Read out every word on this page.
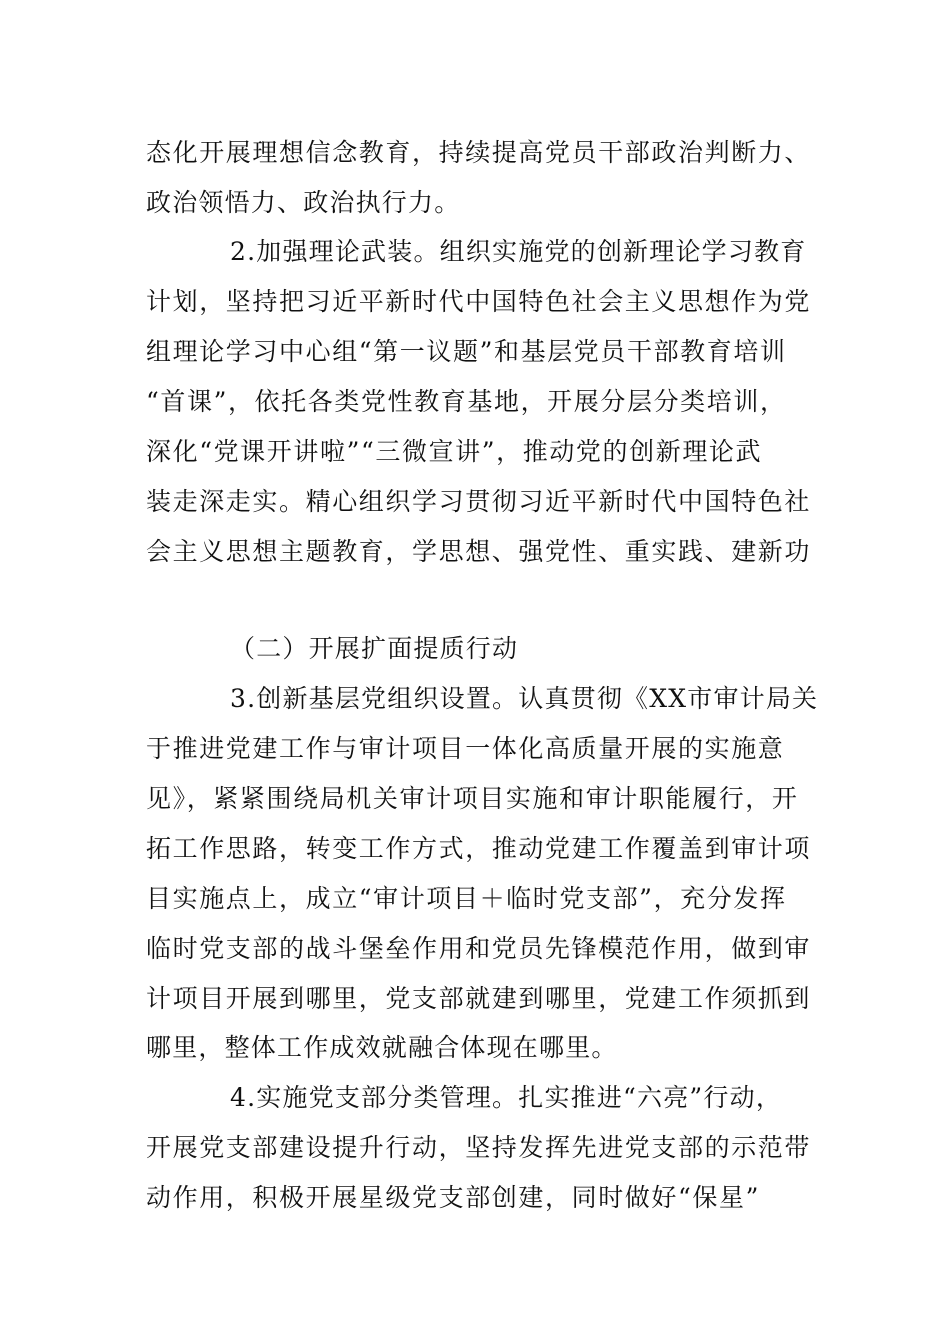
态化开展理想信念教育，持续提高党员干部政治判断力、
政治领悟力、政治执行力。
2.加强理论武装。组织实施党的创新理论学习教育
计划，坚持把习近平新时代中国特色社会主义思想作为党
组理论学习中心组“第一议题”和基层党员干部教育培训
“首课”，依托各类党性教育基地，开展分层分类培训，
深化“党课开讲啦”“三微宣讲”，推动党的创新理论武
装走深走实。精心组织学习贯彻习近平新时代中国特色社
会主义思想主题教育，学思想、强党性、重实践、建新功
（二）开展扩面提质行动
3.创新基层党组织设置。认真贯彻《XX市审计局关
于推进党建工作与审计项目一体化高质量开展的实施意
见》，紧紧围绕局机关审计项目实施和审计职能履行，开
拓工作思路，转变工作方式，推动党建工作覆盖到审计项
目实施点上，成立“审计项目＋临时党支部”，充分发挥
临时党支部的战斗堡垒作用和党员先锋模范作用，做到审
计项目开展到哪里，党支部就建到哪里，党建工作须抓到
哪里，整体工作成效就融合体现在哪里。
4.实施党支部分类管理。扎实推进“六亮”行动，
开展党支部建设提升行动，坚持发挥先进党支部的示范带
动作用，积极开展星级党支部创建，同时做好“保星”
